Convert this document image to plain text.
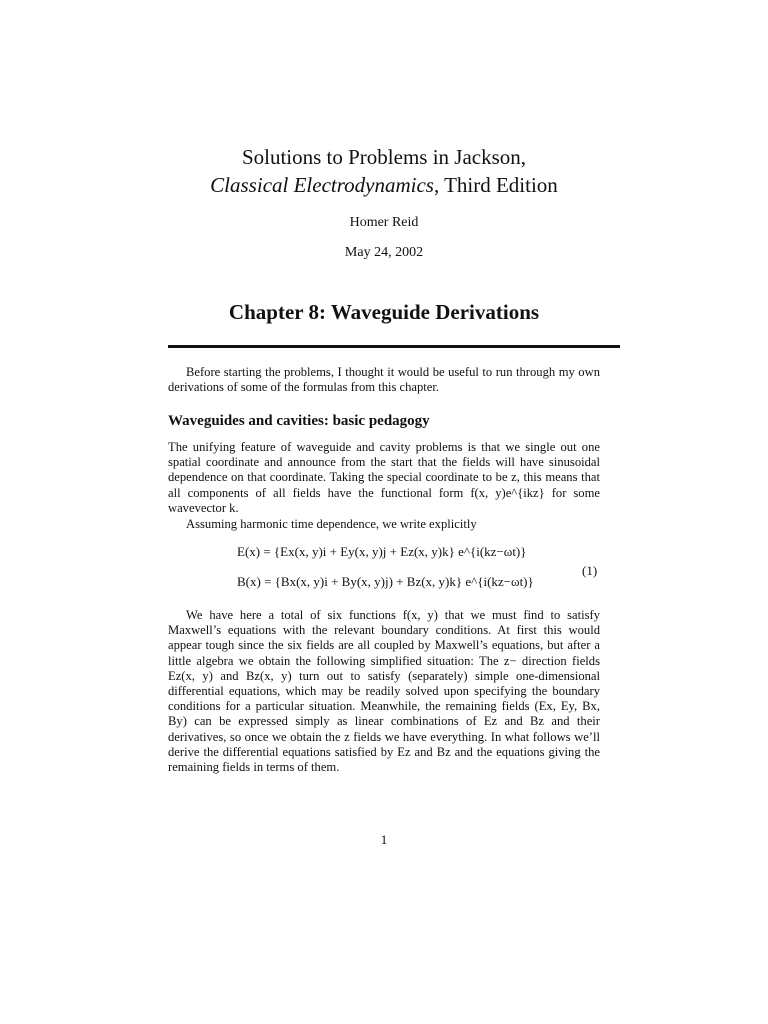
Solutions to Problems in Jackson,
Classical Electrodynamics, Third Edition
Homer Reid
May 24, 2002
Chapter 8: Waveguide Derivations
Before starting the problems, I thought it would be useful to run through my own derivations of some of the formulas from this chapter.
Waveguides and cavities: basic pedagogy
The unifying feature of waveguide and cavity problems is that we single out one spatial coordinate and announce from the start that the fields will have sinusoidal dependence on that coordinate. Taking the special coordinate to be z, this means that all components of all fields have the functional form f(x, y)e^{ikz} for some wavevector k.
Assuming harmonic time dependence, we write explicitly
E(x) = {Ex(x, y)i + Ey(x, y)j + Ez(x, y)k} e^{i(kz−ωt)}
B(x) = {Bx(x, y)i + By(x, y)j) + Bz(x, y)k} e^{i(kz−ωt)}
(1)
We have here a total of six functions f(x, y) that we must find to satisfy Maxwell’s equations with the relevant boundary conditions. At first this would appear tough since the six fields are all coupled by Maxwell’s equations, but after a little algebra we obtain the following simplified situation: The z− direction fields Ez(x, y) and Bz(x, y) turn out to satisfy (separately) simple one-dimensional differential equations, which may be readily solved upon specifying the boundary conditions for a particular situation. Meanwhile, the remaining fields (Ex, Ey, Bx, By) can be expressed simply as linear combinations of Ez and Bz and their derivatives, so once we obtain the z fields we have everything. In what follows we’ll derive the differential equations satisfied by Ez and Bz and the equations giving the remaining fields in terms of them.
1
